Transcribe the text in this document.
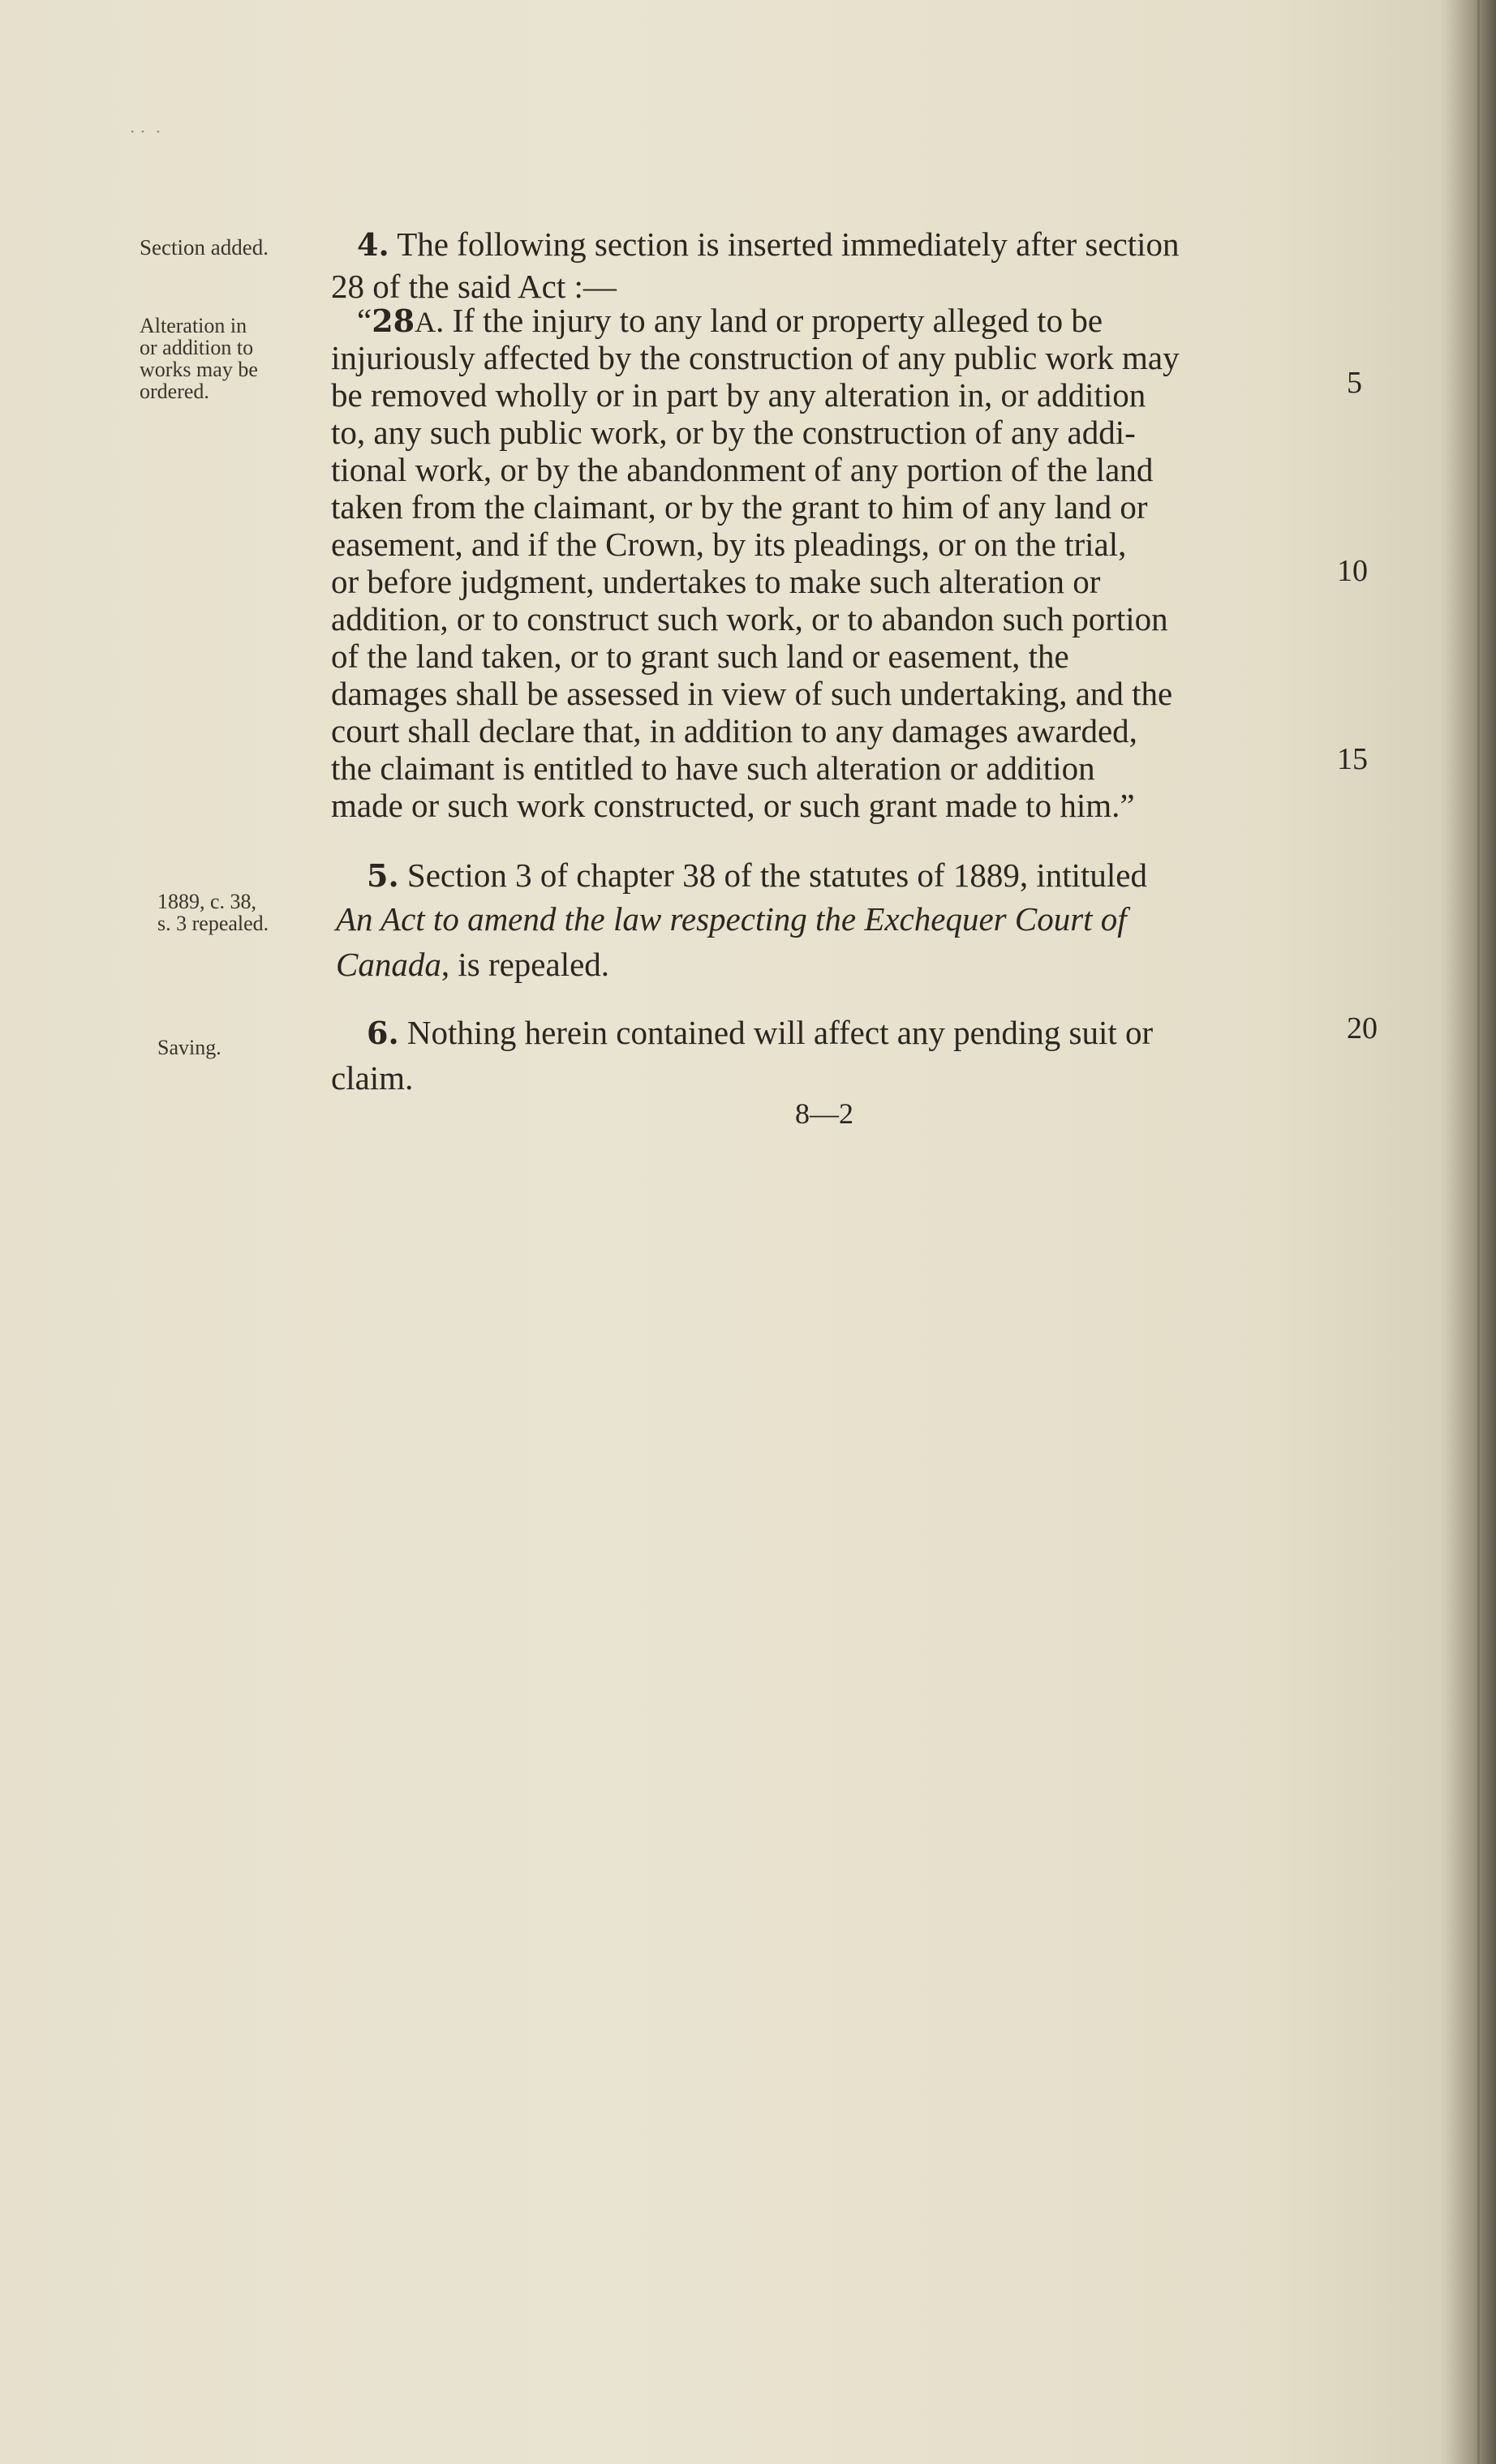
· ·  ·
Section added.
Alteration in
or addition to
works may be
ordered.
1889, c. 38,
s. 3 repealed.
Saving.
4. The following section is inserted immediately after section
28 of the said Act :—
“28A. If the injury to any land or property alleged to be
injuriously affected by the construction of any public work may
be removed wholly or in part by any alteration in, or addition
to, any such public work, or by the construction of any addi-
tional work, or by the abandonment of any portion of the land
taken from the claimant, or by the grant to him of any land or
easement, and if the Crown, by its pleadings, or on the trial,
or before judgment, undertakes to make such alteration or
addition, or to construct such work, or to abandon such portion
of the land taken, or to grant such land or easement, the
damages shall be assessed in view of such undertaking, and the
court shall declare that, in addition to any damages awarded,
the claimant is entitled to have such alteration or addition
made or such work constructed, or such grant made to him.”
5. Section 3 of chapter 38 of the statutes of 1889, intituled
An Act to amend the law respecting the Exchequer Court of
Canada, is repealed.
6. Nothing herein contained will affect any pending suit or
claim.
5
10
15
20
8—2
